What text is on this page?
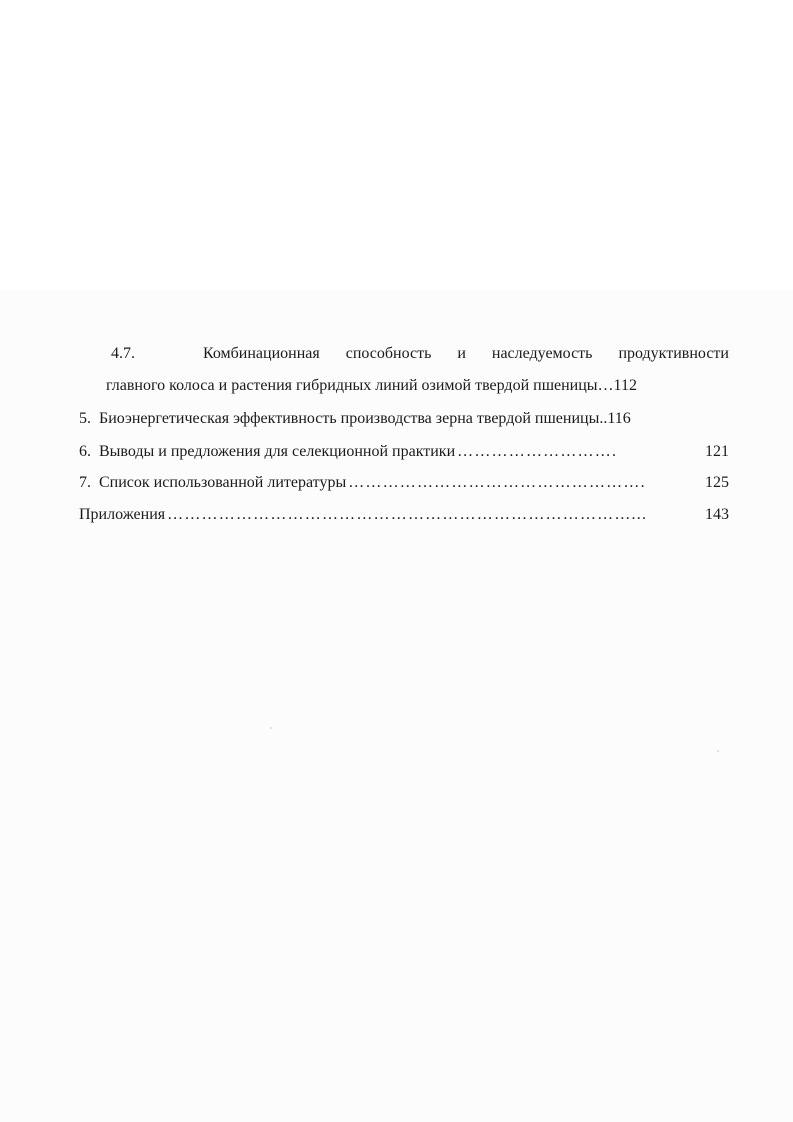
4.7.	Комбинационная способность и наследуемость продуктивности
главного колоса и растения гибридных линий озимой твердой пшеницы … 112
5. Биоэнергетическая эффективность производства зерна твердой пшеницы .. 116
6. Выводы и предложения для селекционной практики ……………………….	121
7. Список использованной литературы …………………………………………….	125
Приложения ………………………………………………………………………...	143
